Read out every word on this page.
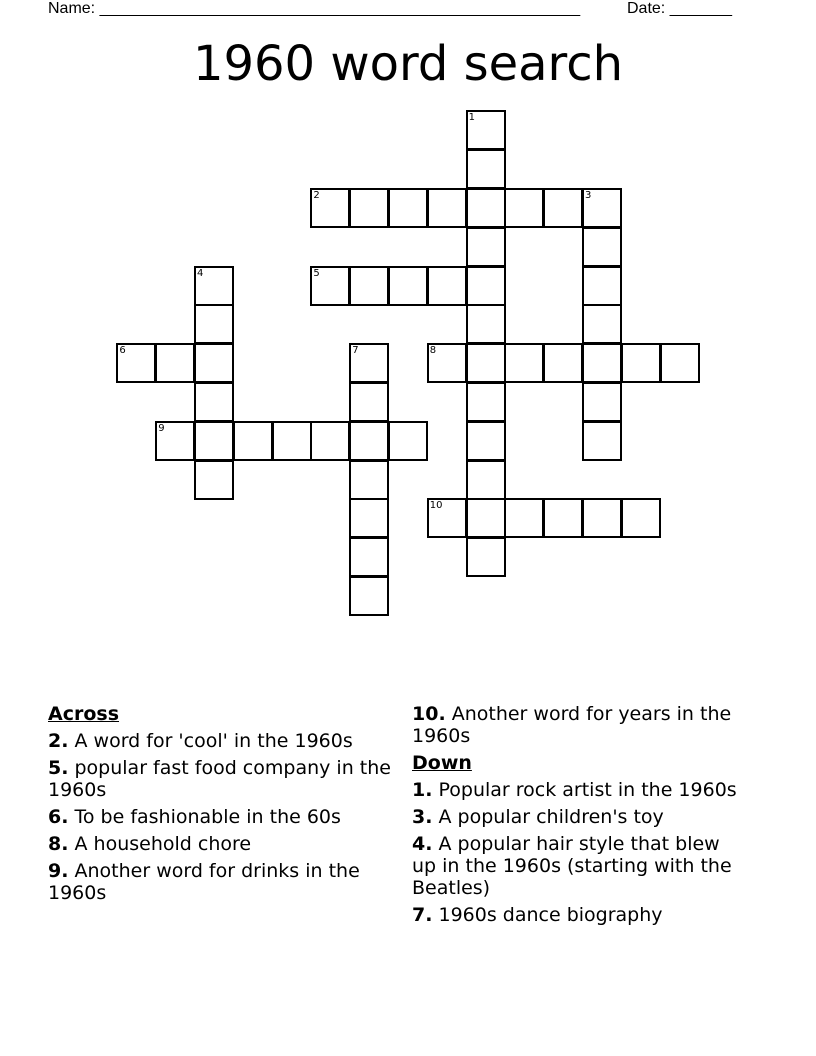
Name: ______________________________________________________	Date: _______
1960 word search
1
2	3
4	5
6	7	8
9
10
Across
2. A word for 'cool' in the 1960s
5. popular fast food company in the 1960s
6. To be fashionable in the 60s
8. A household chore
9. Another word for drinks in the 1960s
10. Another word for years in the 1960s
Down
1. Popular rock artist in the 1960s
3. A popular children's toy
4. A popular hair style that blew up in the 1960s (starting with the Beatles)
7. 1960s dance biography
